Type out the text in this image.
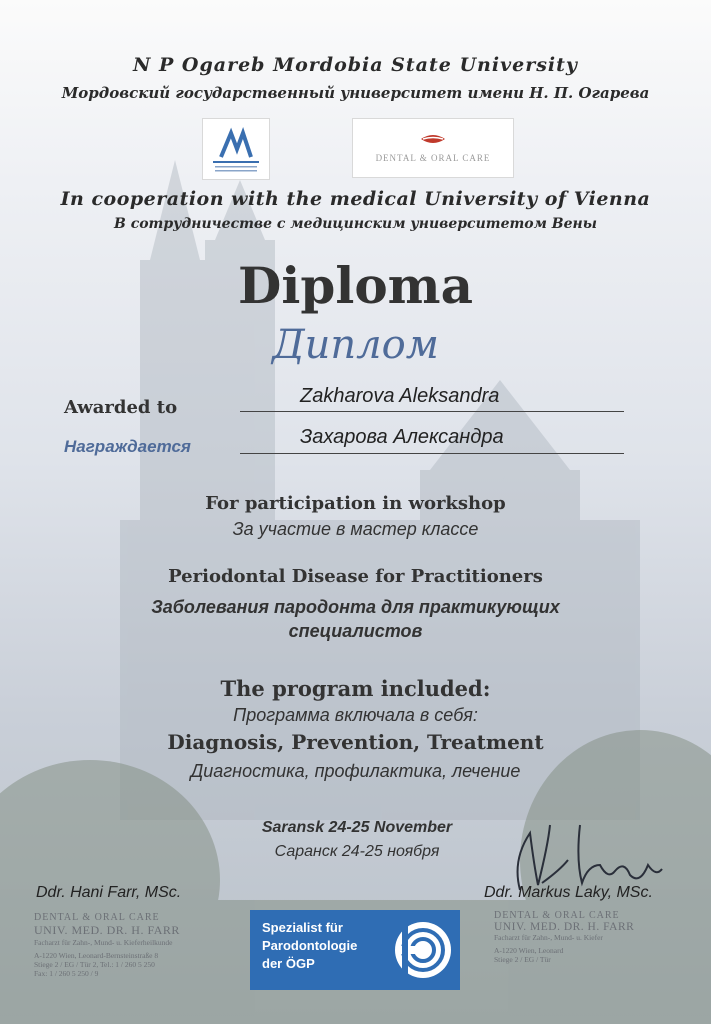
N P Ogareb Mordobia State University
Мордовский государственный университет имени Н. П. Огарева
DENTAL & ORAL CARE
In cooperation with the medical University of Vienna
В сотрудничестве с медицинским университетом Вены
Diploma
Диплом
Awarded to
Награждается
Zakharova Aleksandra
Захарова Александра
For participation in workshop
За участие в мастер классе
Periodontal Disease for Practitioners
Заболевания пародонта для практикующих
специалистов
The program included:
Программа включала в себя:
Diagnosis, Prevention, Treatment
Диагностика, профилактика, лечение
Saransk 24-25 November
Саранск 24-25 ноября
Ddr. Hani Farr, MSc.	Ddr. Markus Laky, MSc.
DENTAL & ORAL CARE
UNIV. MED. DR. H. FARR
Facharzt für Zahn-, Mund- u. Kieferheilkunde
A-1220 Wien, Leonard-Bernsteinstraße 8
Stiege 2 / EG / Tür 2, Tel.: 1 / 260 5 250
Fax: 1 / 260 5 250 / 9
DENTAL & ORAL CARE
UNIV. MED. DR. H. FARR
Facharzt für Zahn-, Mund- u. Kiefer
A-1220 Wien, Leonard
Stiege 2 / EG / Tür
Spezialist für
Parodontologie
der ÖGP
